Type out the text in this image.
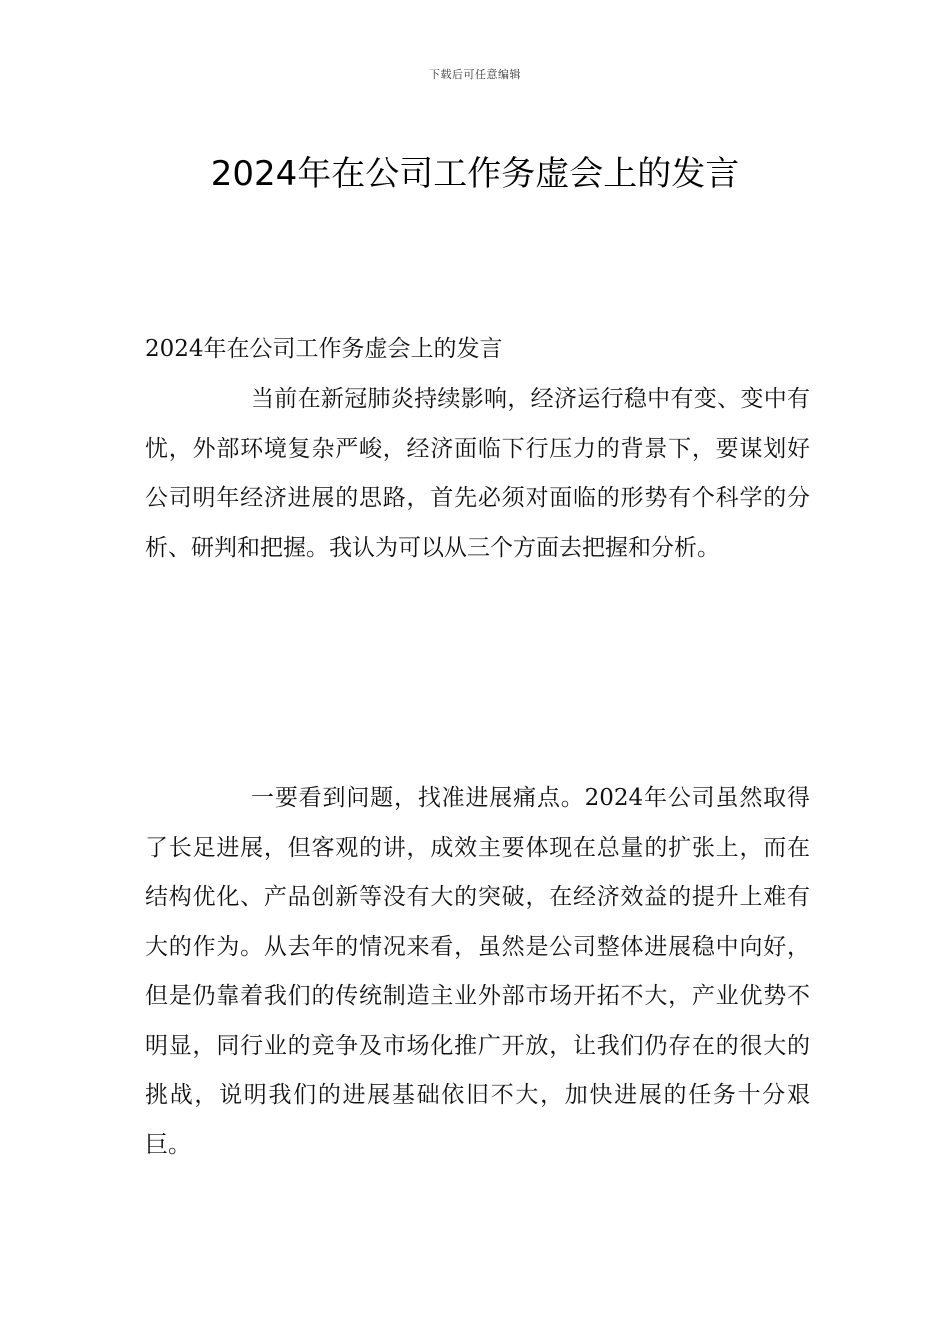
下载后可任意编辑
2024年在公司工作务虚会上的发言
2024年在公司工作务虚会上的发言

当前在新冠肺炎持续影响，经济运行稳中有变、变中有忧，外部环境复杂严峻，经济面临下行压力的背景下，要谋划好公司明年经济进展的思路，首先必须对面临的形势有个科学的分析、研判和把握。我认为可以从三个方面去把握和分析。

一要看到问题，找准进展痛点。2024年公司虽然取得了长足进展，但客观的讲，成效主要体现在总量的扩张上，而在结构优化、产品创新等没有大的突破，在经济效益的提升上难有大的作为。从去年的情况来看，虽然是公司整体进展稳中向好，但是仍靠着我们的传统制造主业外部市场开拓不大，产业优势不明显，同行业的竞争及市场化推广开放，让我们仍存在的很大的挑战，说明我们的进展基础依旧不大，加快进展的任务十分艰巨。
